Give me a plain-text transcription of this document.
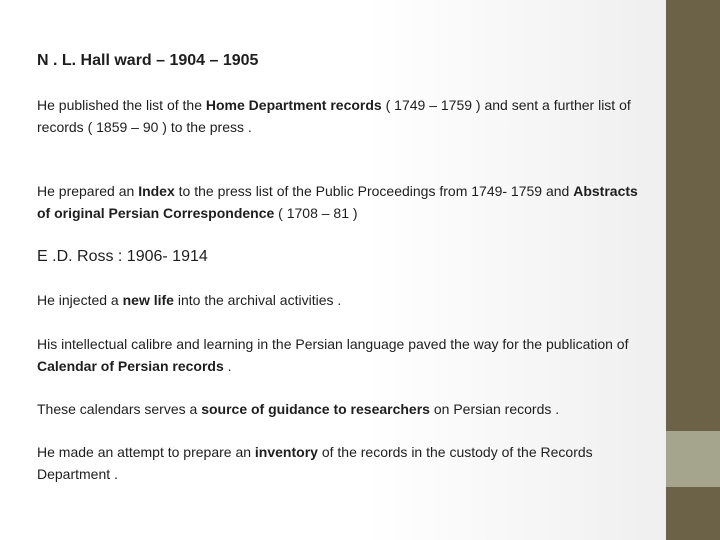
N . L. Hall ward – 1904 – 1905
He published the list of the Home Department records ( 1749 – 1759 ) and sent a further list of records ( 1859 – 90 ) to the press .
He prepared an Index to the press list of the Public Proceedings from 1749- 1759 and Abstracts of original Persian Correspondence ( 1708 – 81 )
E .D. Ross : 1906- 1914
He injected a new life into the archival activities .
His intellectual calibre and learning in the Persian language paved the way for the publication of Calendar of Persian records .
These calendars serves a source of guidance to researchers on Persian records .
He made an attempt to prepare an inventory of the records in the custody of the Records Department .
